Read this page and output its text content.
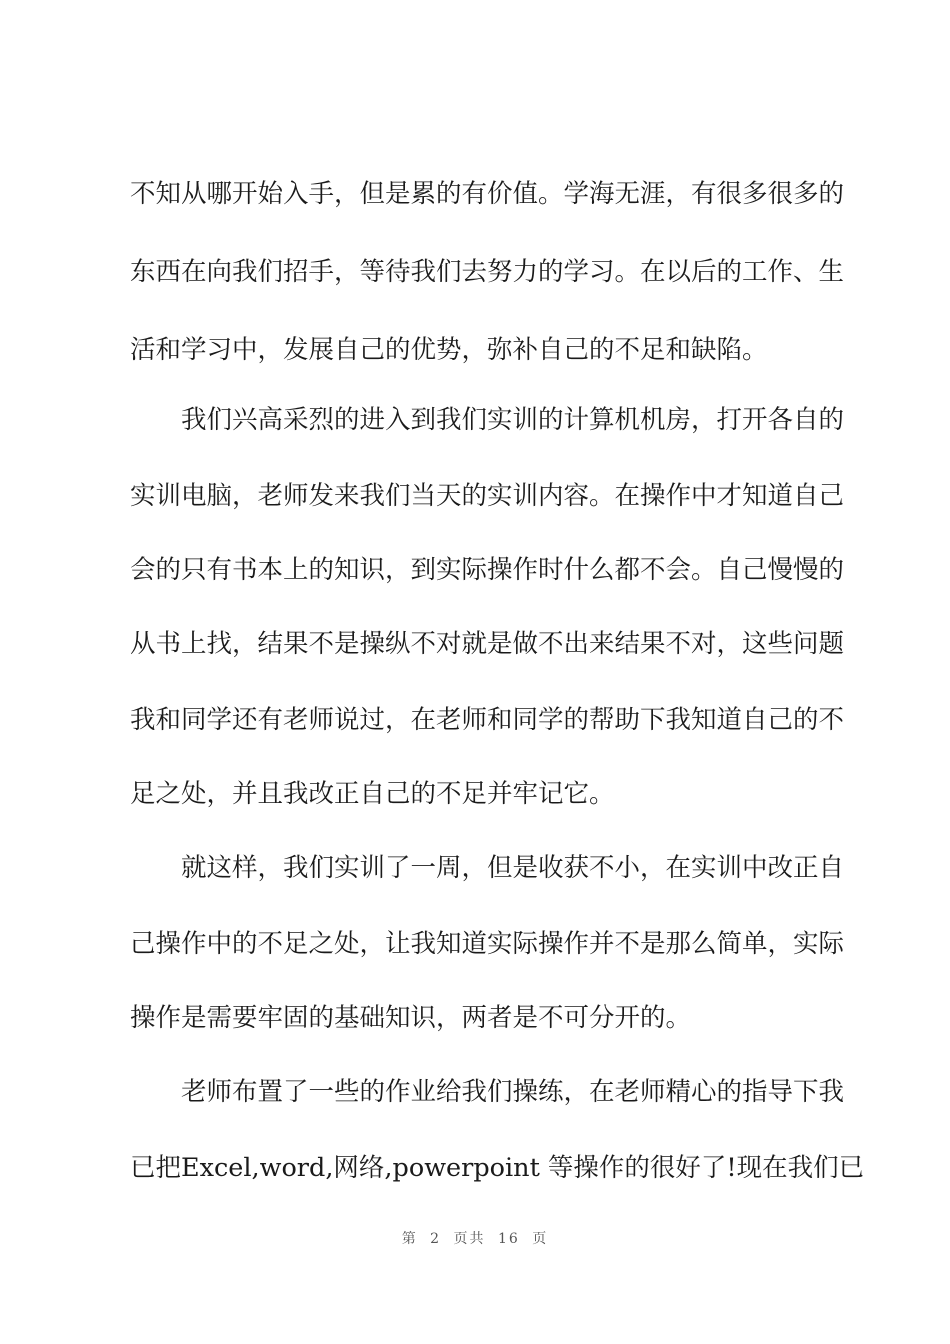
不知从哪开始入手，但是累的有价值。学海无涯，有很多很多的
东西在向我们招手，等待我们去努力的学习。在以后的工作、生
活和学习中，发展自己的优势，弥补自己的不足和缺陷。
　　我们兴高采烈的进入到我们实训的计算机机房，打开各自的
实训电脑，老师发来我们当天的实训内容。在操作中才知道自己
会的只有书本上的知识，到实际操作时什么都不会。自己慢慢的
从书上找，结果不是操纵不对就是做不出来结果不对，这些问题
我和同学还有老师说过，在老师和同学的帮助下我知道自己的不
足之处，并且我改正自己的不足并牢记它。
　　就这样，我们实训了一周，但是收获不小，在实训中改正自
己操作中的不足之处，让我知道实际操作并不是那么简单，实际
操作是需要牢固的基础知识，两者是不可分开的。
　　老师布置了一些的作业给我们操练，在老师精心的指导下我
已把Excel,word,网络,powerpoint 等操作的很好了!现在我们已
第 2 页共 16 页
